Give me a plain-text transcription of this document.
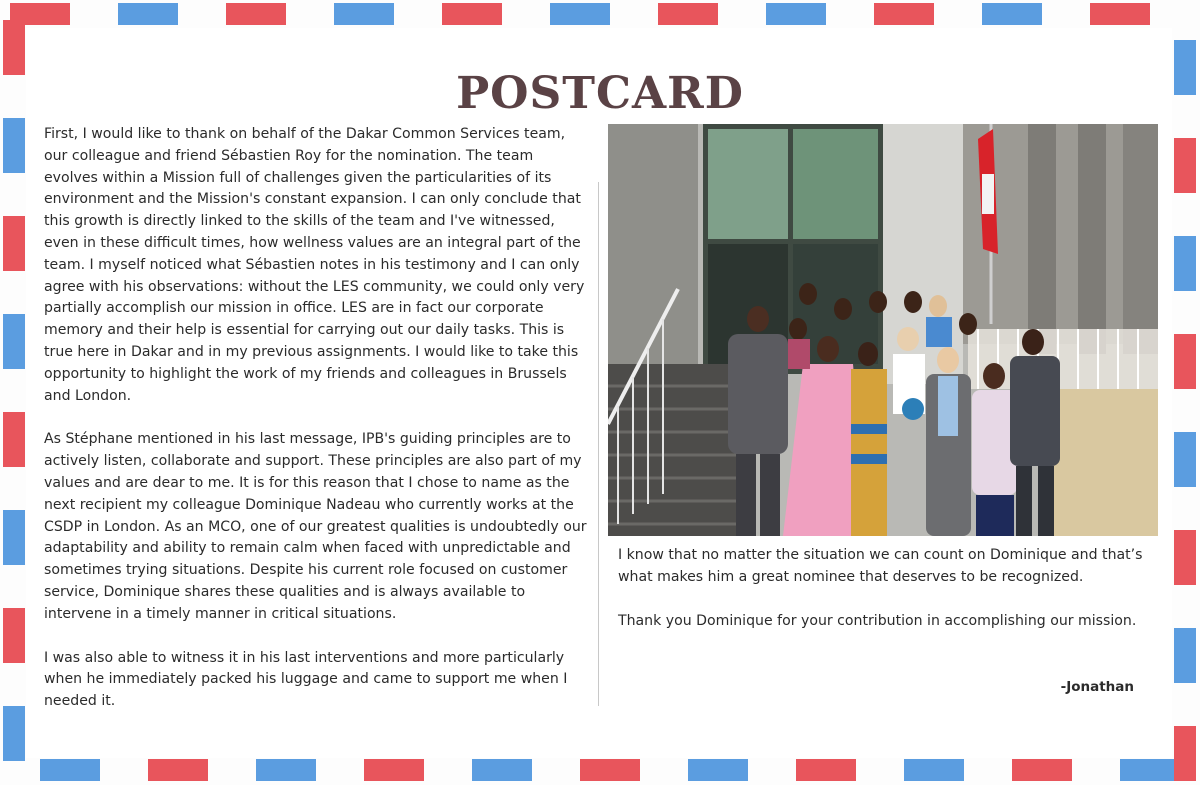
POSTCARD

First, I would like to thank on behalf of the Dakar Common Services team, our colleague and friend Sébastien Roy for the nomination. The team evolves within a Mission full of challenges given the particularities of its environment and the Mission's constant expansion. I can only conclude that this growth is directly linked to the skills of the team and I've witnessed, even in these difficult times, how wellness values are an integral part of the team. I myself noticed what Sébastien notes in his testimony and I can only agree with his observations: without the LES community, we could only very partially accomplish our mission in office. LES are in fact our corporate memory and their help is essential for carrying out our daily tasks. This is true here in Dakar and in my previous assignments. I would like to take this opportunity to highlight the work of my friends and colleagues in Brussels and London.

As Stéphane mentioned in his last message, IPB's guiding principles are to actively listen, collaborate and support. These principles are also part of my values and are dear to me. It is for this reason that I chose to name as the next recipient my colleague Dominique Nadeau who currently works at the CSDP in London. As an MCO, one of our greatest qualities is undoubtedly our adaptability and ability to remain calm when faced with unpredictable and sometimes trying situations. Despite his current role focused on customer service, Dominique shares these qualities and is always available to intervene in a timely manner in critical situations.

I was also able to witness it in his last interventions and more particularly when he immediately packed his luggage and came to support me when I needed it.

I know that no matter the situation we can count on Dominique and that’s what makes him a great nominee that deserves to be recognized.

Thank you Dominique for your contribution in accomplishing our mission.

-Jonathan
